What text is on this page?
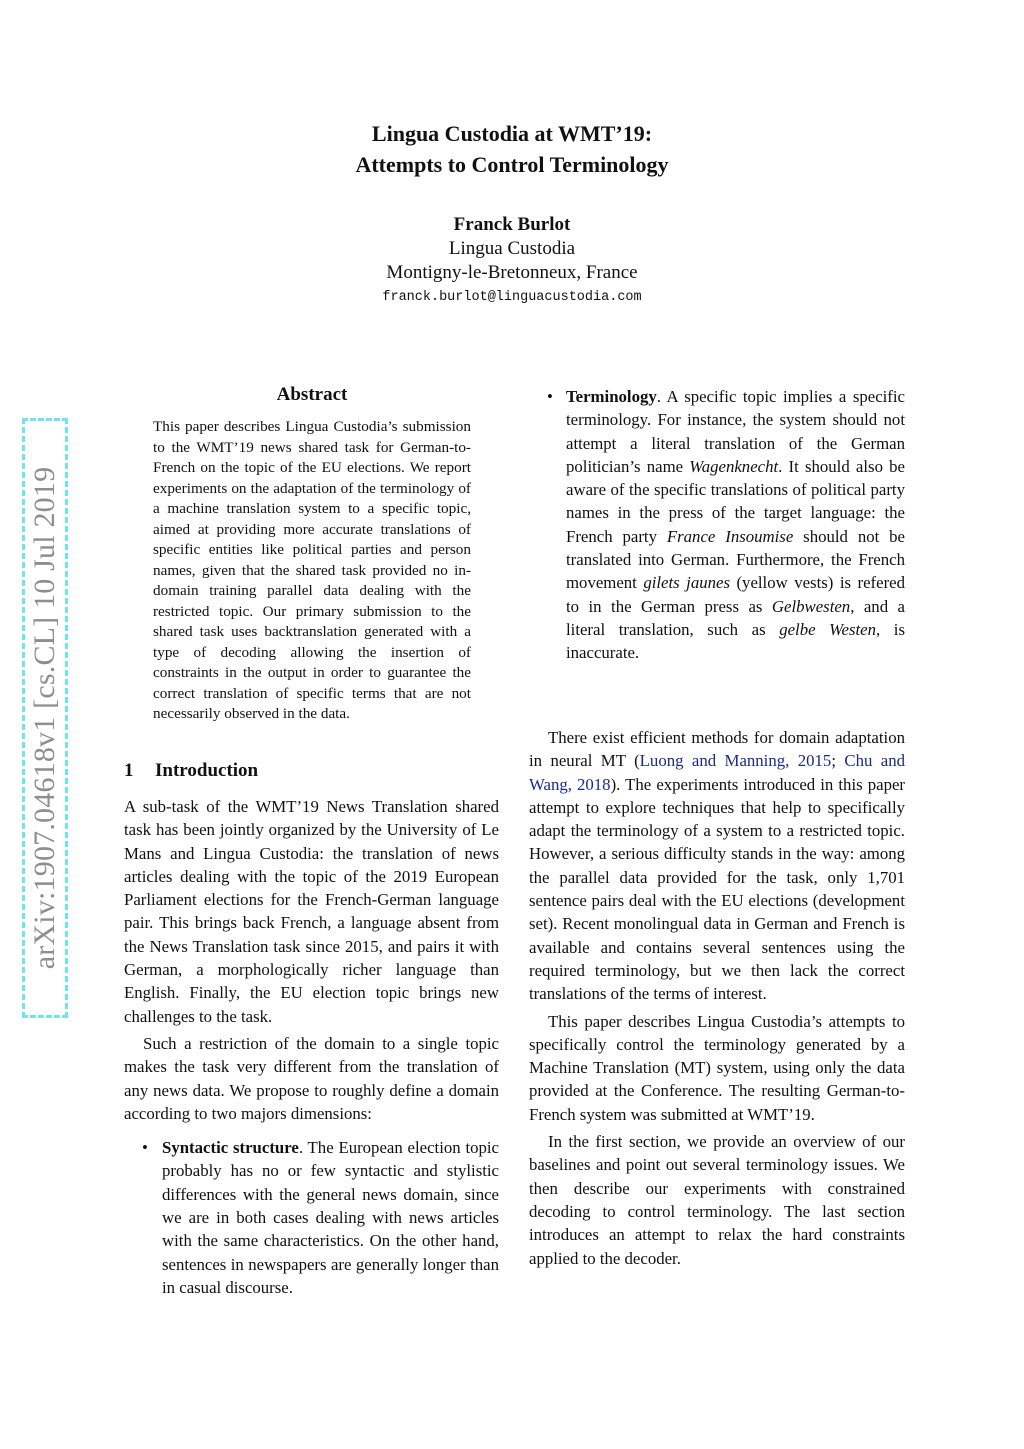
Lingua Custodia at WMT’19:
Attempts to Control Terminology
Franck Burlot
Lingua Custodia
Montigny-le-Bretonneux, France
franck.burlot@linguacustodia.com
arXiv:1907.04618v1 [cs.CL] 10 Jul 2019
Abstract
This paper describes Lingua Custodia’s submission to the WMT’19 news shared task for German-to-French on the topic of the EU elections. We report experiments on the adaptation of the terminology of a machine translation system to a specific topic, aimed at providing more accurate translations of specific entities like political parties and person names, given that the shared task provided no in-domain training parallel data dealing with the restricted topic. Our primary submission to the shared task uses backtranslation generated with a type of decoding allowing the insertion of constraints in the output in order to guarantee the correct translation of specific terms that are not necessarily observed in the data.
1 Introduction

A sub-task of the WMT’19 News Translation shared task has been jointly organized by the University of Le Mans and Lingua Custodia: the translation of news articles dealing with the topic of the 2019 European Parliament elections for the French-German language pair. This brings back French, a language absent from the News Translation task since 2015, and pairs it with German, a morphologically richer language than English. Finally, the EU election topic brings new challenges to the task.

Such a restriction of the domain to a single topic makes the task very different from the translation of any news data. We propose to roughly define a domain according to two majors dimensions:

• Syntactic structure. The European election topic probably has no or few syntactic and stylistic differences with the general news domain, since we are in both cases dealing with news articles with the same characteristics. On the other hand, sentences in newspapers are generally longer than in casual discourse.
• Terminology. A specific topic implies a specific terminology. For instance, the system should not attempt a literal translation of the German politician’s name Wagenknecht. It should also be aware of the specific translations of political party names in the press of the target language: the French party France Insoumise should not be translated into German. Furthermore, the French movement gilets jaunes (yellow vests) is refered to in the German press as Gelbwesten, and a literal translation, such as gelbe Westen, is inaccurate.

There exist efficient methods for domain adaptation in neural MT (Luong and Manning, 2015; Chu and Wang, 2018). The experiments introduced in this paper attempt to explore techniques that help to specifically adapt the terminology of a system to a restricted topic. However, a serious difficulty stands in the way: among the parallel data provided for the task, only 1,701 sentence pairs deal with the EU elections (development set). Recent monolingual data in German and French is available and contains several sentences using the required terminology, but we then lack the correct translations of the terms of interest.

This paper describes Lingua Custodia’s attempts to specifically control the terminology generated by a Machine Translation (MT) system, using only the data provided at the Conference. The resulting German-to-French system was submitted at WMT’19.

In the first section, we provide an overview of our baselines and point out several terminology issues. We then describe our experiments with constrained decoding to control terminology. The last section introduces an attempt to relax the hard constraints applied to the decoder.
